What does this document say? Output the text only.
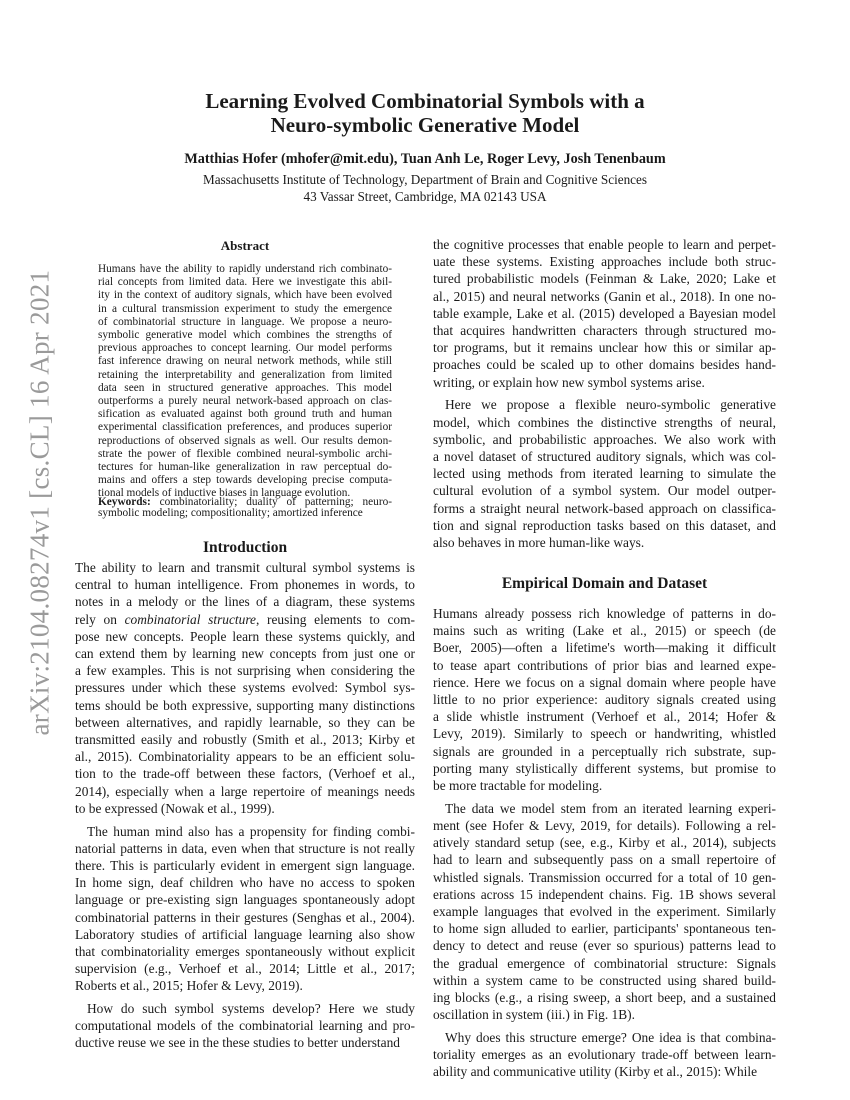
arXiv:2104.08274v1 [cs.CL] 16 Apr 2021
Learning Evolved Combinatorial Symbols with a
Neuro-symbolic Generative Model
Matthias Hofer (mhofer@mit.edu), Tuan Anh Le, Roger Levy, Josh Tenenbaum
Massachusetts Institute of Technology, Department of Brain and Cognitive Sciences
43 Vassar Street, Cambridge, MA 02143 USA
Abstract
Humans have the ability to rapidly understand rich combinato-
rial concepts from limited data. Here we investigate this abil-
ity in the context of auditory signals, which have been evolved
in a cultural transmission experiment to study the emergence
of combinatorial structure in language. We propose a neuro-
symbolic generative model which combines the strengths of
previous approaches to concept learning. Our model performs
fast inference drawing on neural network methods, while still
retaining the interpretability and generalization from limited
data seen in structured generative approaches. This model
outperforms a purely neural network-based approach on clas-
sification as evaluated against both ground truth and human
experimental classification preferences, and produces superior
reproductions of observed signals as well. Our results demon-
strate the power of flexible combined neural-symbolic archi-
tectures for human-like generalization in raw perceptual do-
mains and offers a step towards developing precise computa-
tional models of inductive biases in language evolution.
Keywords: combinatoriality; duality of patterning; neuro-
symbolic modeling; compositionality; amortized inference
Introduction
The ability to learn and transmit cultural symbol systems is
central to human intelligence. From phonemes in words, to
notes in a melody or the lines of a diagram, these systems
rely on combinatorial structure, reusing elements to com-
pose new concepts. People learn these systems quickly, and
can extend them by learning new concepts from just one or
a few examples. This is not surprising when considering the
pressures under which these systems evolved: Symbol sys-
tems should be both expressive, supporting many distinctions
between alternatives, and rapidly learnable, so they can be
transmitted easily and robustly (Smith et al., 2013; Kirby et
al., 2015). Combinatoriality appears to be an efficient solu-
tion to the trade-off between these factors, (Verhoef et al.,
2014), especially when a large repertoire of meanings needs
to be expressed (Nowak et al., 1999).
The human mind also has a propensity for finding combi-
natorial patterns in data, even when that structure is not really
there. This is particularly evident in emergent sign language.
In home sign, deaf children who have no access to spoken
language or pre-existing sign languages spontaneously adopt
combinatorial patterns in their gestures (Senghas et al., 2004).
Laboratory studies of artificial language learning also show
that combinatoriality emerges spontaneously without explicit
supervision (e.g., Verhoef et al., 2014; Little et al., 2017;
Roberts et al., 2015; Hofer & Levy, 2019).
How do such symbol systems develop? Here we study
computational models of the combinatorial learning and pro-
ductive reuse we see in the these studies to better understand
the cognitive processes that enable people to learn and perpet-
uate these systems. Existing approaches include both struc-
tured probabilistic models (Feinman & Lake, 2020; Lake et
al., 2015) and neural networks (Ganin et al., 2018). In one no-
table example, Lake et al. (2015) developed a Bayesian model
that acquires handwritten characters through structured mo-
tor programs, but it remains unclear how this or similar ap-
proaches could be scaled up to other domains besides hand-
writing, or explain how new symbol systems arise.
Here we propose a flexible neuro-symbolic generative
model, which combines the distinctive strengths of neural,
symbolic, and probabilistic approaches. We also work with
a novel dataset of structured auditory signals, which was col-
lected using methods from iterated learning to simulate the
cultural evolution of a symbol system. Our model outper-
forms a straight neural network-based approach on classifica-
tion and signal reproduction tasks based on this dataset, and
also behaves in more human-like ways.
Empirical Domain and Dataset
Humans already possess rich knowledge of patterns in do-
mains such as writing (Lake et al., 2015) or speech (de
Boer, 2005)—often a lifetime's worth—making it difficult
to tease apart contributions of prior bias and learned expe-
rience. Here we focus on a signal domain where people have
little to no prior experience: auditory signals created using
a slide whistle instrument (Verhoef et al., 2014; Hofer &
Levy, 2019). Similarly to speech or handwriting, whistled
signals are grounded in a perceptually rich substrate, sup-
porting many stylistically different systems, but promise to
be more tractable for modeling.
The data we model stem from an iterated learning experi-
ment (see Hofer & Levy, 2019, for details). Following a rel-
atively standard setup (see, e.g., Kirby et al., 2014), subjects
had to learn and subsequently pass on a small repertoire of
whistled signals. Transmission occurred for a total of 10 gen-
erations across 15 independent chains. Fig. 1B shows several
example languages that evolved in the experiment. Similarly
to home sign alluded to earlier, participants' spontaneous ten-
dency to detect and reuse (ever so spurious) patterns lead to
the gradual emergence of combinatorial structure: Signals
within a system came to be constructed using shared build-
ing blocks (e.g., a rising sweep, a short beep, and a sustained
oscillation in system (iii.) in Fig. 1B).
Why does this structure emerge? One idea is that combina-
toriality emerges as an evolutionary trade-off between learn-
ability and communicative utility (Kirby et al., 2015): While
